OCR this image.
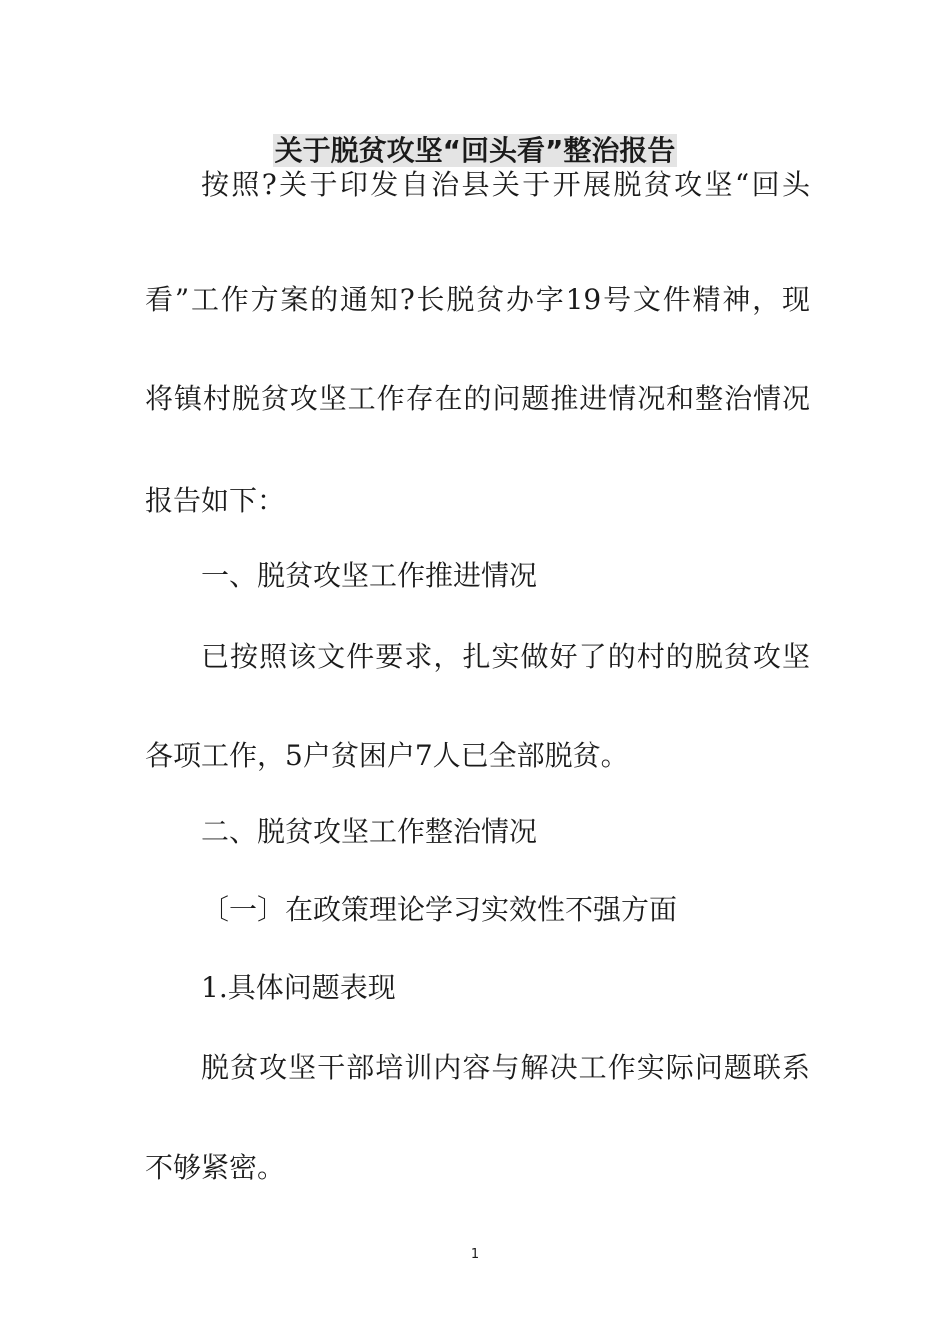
关于脱贫攻坚“回头看”整治报告
按照?关于印发自治县关于开展脱贫攻坚“回头
看”工作方案的通知?长脱贫办字19号文件精神，现
将镇村脱贫攻坚工作存在的问题推进情况和整治情况
报告如下：
一、脱贫攻坚工作推进情况
已按照该文件要求，扎实做好了的村的脱贫攻坚
各项工作，5户贫困户7人已全部脱贫。
二、脱贫攻坚工作整治情况
〔一〕在政策理论学习实效性不强方面
1.具体问题表现
脱贫攻坚干部培训内容与解决工作实际问题联系
不够紧密。
1
